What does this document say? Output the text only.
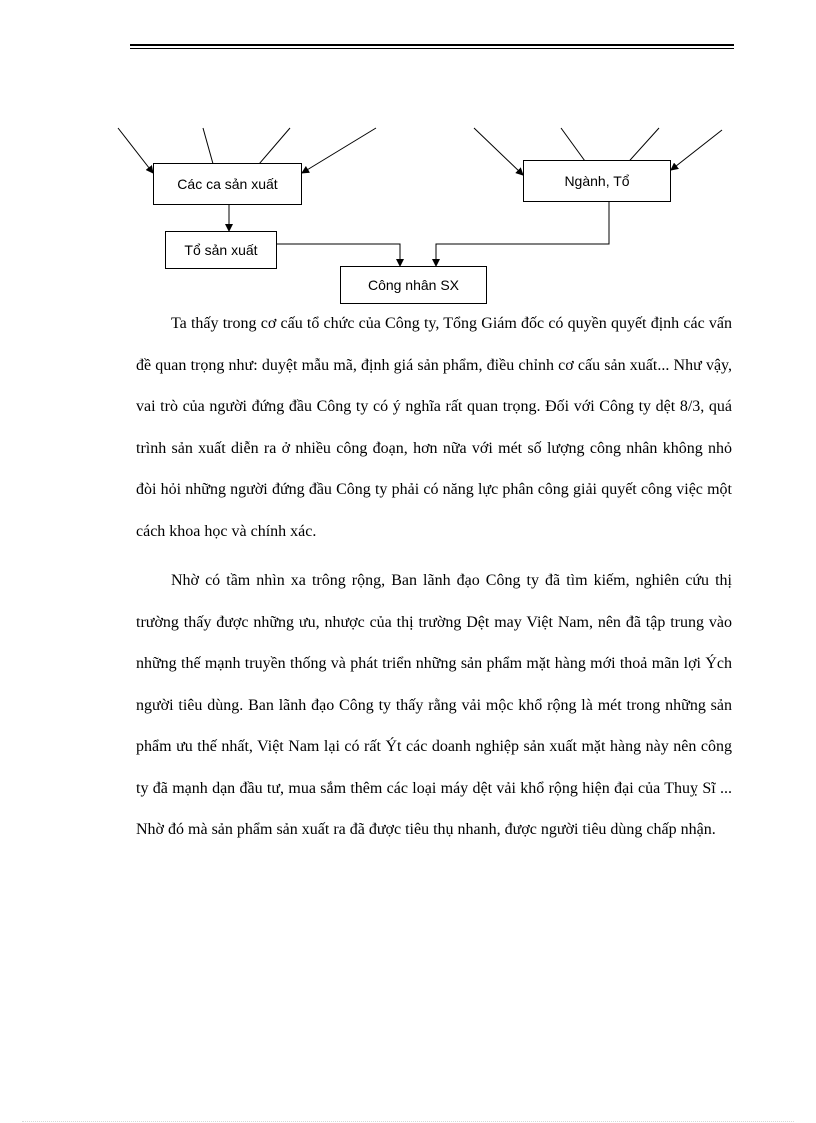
Các ca sản xuất
Tổ sản xuất
Công nhân SX
Ngành, Tổ

Ta thấy trong cơ cấu tổ chức của Công ty, Tổng Giám đốc có quyền quyết định các vấn đề quan trọng như: duyệt mẫu mã, định giá sản phẩm, điều chỉnh cơ cấu sản xuất... Như vậy, vai trò của người đứng đầu Công ty có ý nghĩa rất quan trọng. Đối với Công ty dệt 8/3, quá trình sản xuất diễn ra ở nhiều công đoạn, hơn nữa với mét số lượng công nhân không nhỏ đòi hỏi những người đứng đầu Công ty phải có năng lực phân công giải quyết công việc một cách khoa học và chính xác.

Nhờ có tầm nhìn xa trông rộng, Ban lãnh đạo Công ty đã tìm kiếm, nghiên cứu thị trường thấy được những ưu, nhược của thị trường Dệt may Việt Nam, nên đã tập trung vào những thế mạnh truyền thống và phát triển những sản phẩm mặt hàng mới thoả mãn lợi Ých người tiêu dùng. Ban lãnh đạo Công ty thấy rằng vải mộc khổ rộng là mét trong những sản phẩm ưu thế nhất, Việt Nam lại có rất Ýt các doanh nghiệp sản xuất mặt hàng này nên công ty đã mạnh dạn đầu tư, mua sắm thêm các loại máy dệt vải khổ rộng hiện đại của Thuỵ Sĩ ... Nhờ đó mà sản phẩm sản xuất ra đã được tiêu thụ nhanh, được người tiêu dùng chấp nhận.
